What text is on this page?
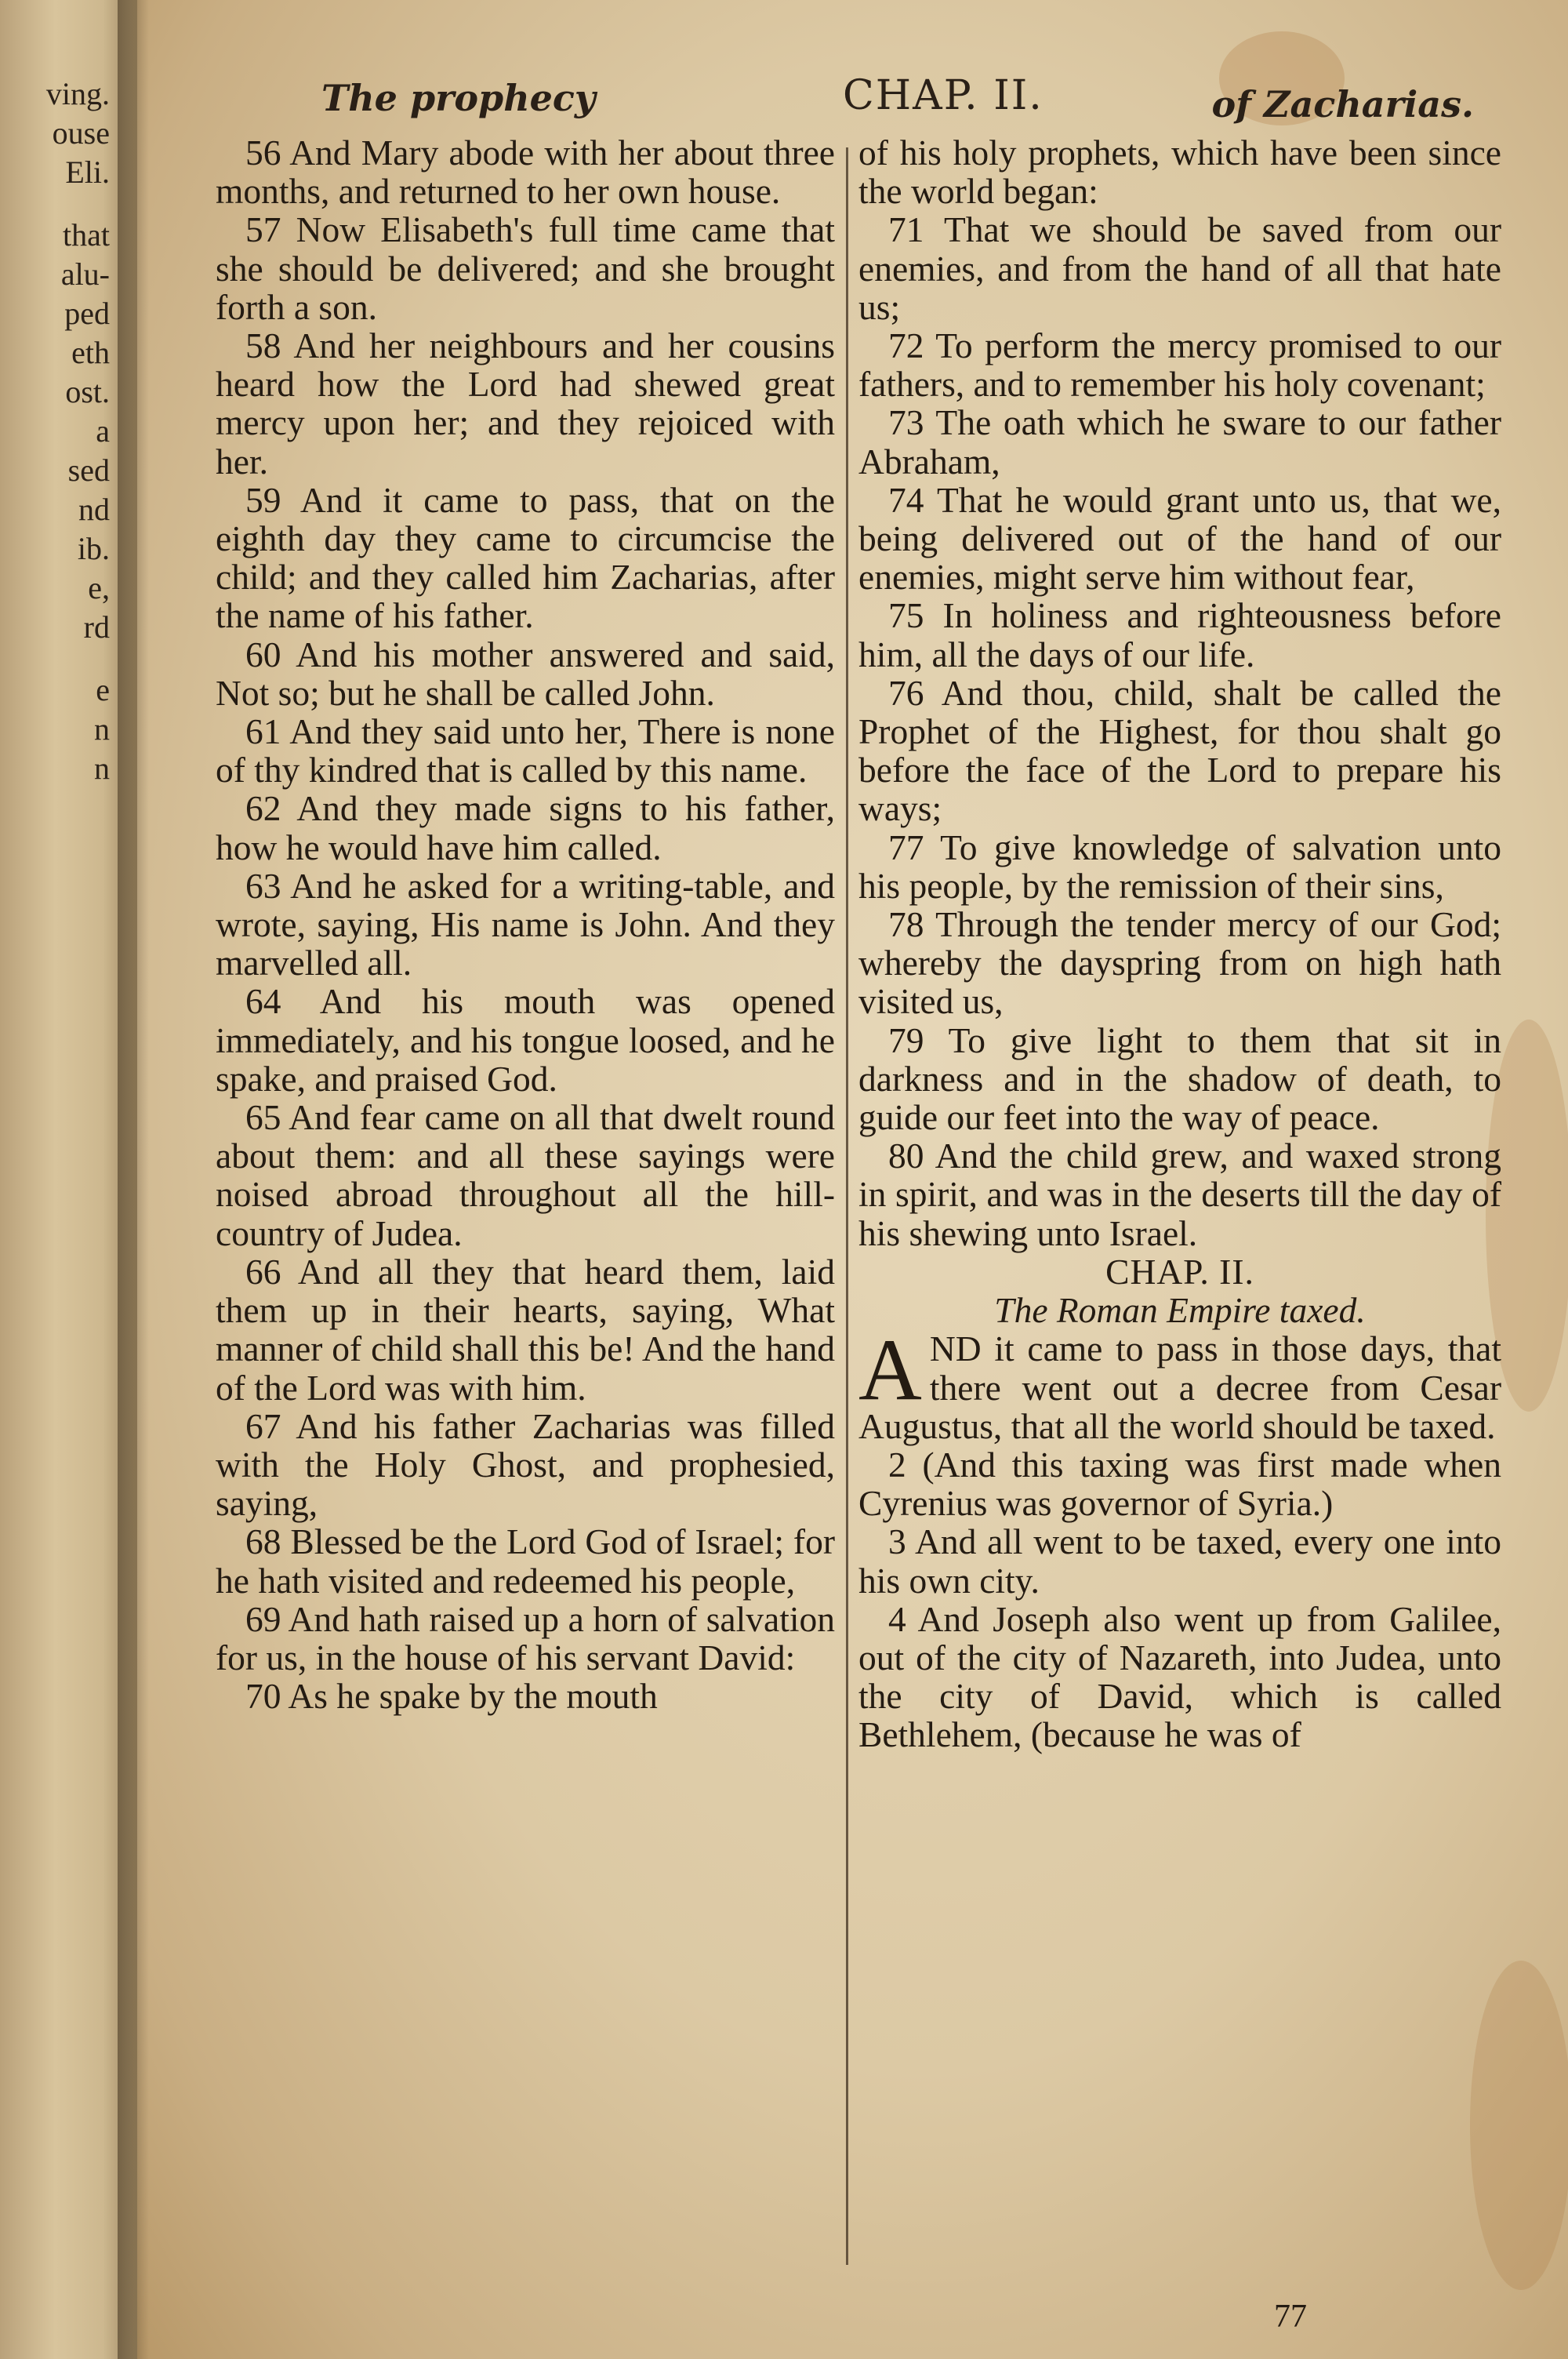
ving.
ouse
Eli.
that
alu-
ped
eth
ost.
a
sed
nd
ib.
e,
rd
e
n
n
The prophecy	CHAP. II.	of Zacharias.

56 And Mary abode with her about three months, and returned to her own house.

57 Now Elisabeth's full time came that she should be delivered; and she brought forth a son.

58 And her neighbours and her cousins heard how the Lord had shewed great mercy upon her; and they rejoiced with her.

59 And it came to pass, that on the eighth day they came to circumcise the child; and they called him Zacharias, after the name of his father.

60 And his mother answered and said, Not so; but he shall be called John.

61 And they said unto her, There is none of thy kindred that is called by this name.

62 And they made signs to his father, how he would have him called.

63 And he asked for a writing-table, and wrote, saying, His name is John. And they marvelled all.

64 And his mouth was opened immediately, and his tongue loosed, and he spake, and praised God.

65 And fear came on all that dwelt round about them: and all these sayings were noised abroad throughout all the hill-country of Judea.

66 And all they that heard them, laid them up in their hearts, saying, What manner of child shall this be! And the hand of the Lord was with him.

67 And his father Zacharias was filled with the Holy Ghost, and prophesied, saying,

68 Blessed be the Lord God of Israel; for he hath visited and redeemed his people,

69 And hath raised up a horn of salvation for us, in the house of his servant David:

70 As he spake by the mouth

of his holy prophets, which have been since the world began:

71 That we should be saved from our enemies, and from the hand of all that hate us;

72 To perform the mercy promised to our fathers, and to remember his holy covenant;

73 The oath which he sware to our father Abraham,

74 That he would grant unto us, that we, being delivered out of the hand of our enemies, might serve him without fear,

75 In holiness and righteousness before him, all the days of our life.

76 And thou, child, shalt be called the Prophet of the Highest, for thou shalt go before the face of the Lord to prepare his ways;

77 To give knowledge of salvation unto his people, by the remission of their sins,

78 Through the tender mercy of our God; whereby the dayspring from on high hath visited us,

79 To give light to them that sit in darkness and in the shadow of death, to guide our feet into the way of peace.

80 And the child grew, and waxed strong in spirit, and was in the deserts till the day of his shewing unto Israel.

CHAP. II.

The Roman Empire taxed.

A ND it came to pass in those days, that there went out a decree from Cesar Augustus, that all the world should be taxed.

2 (And this taxing was first made when Cyrenius was governor of Syria.)

3 And all went to be taxed, every one into his own city.

4 And Joseph also went up from Galilee, out of the city of Nazareth, into Judea, unto the city of David, which is called Bethlehem, (because he was of

77
